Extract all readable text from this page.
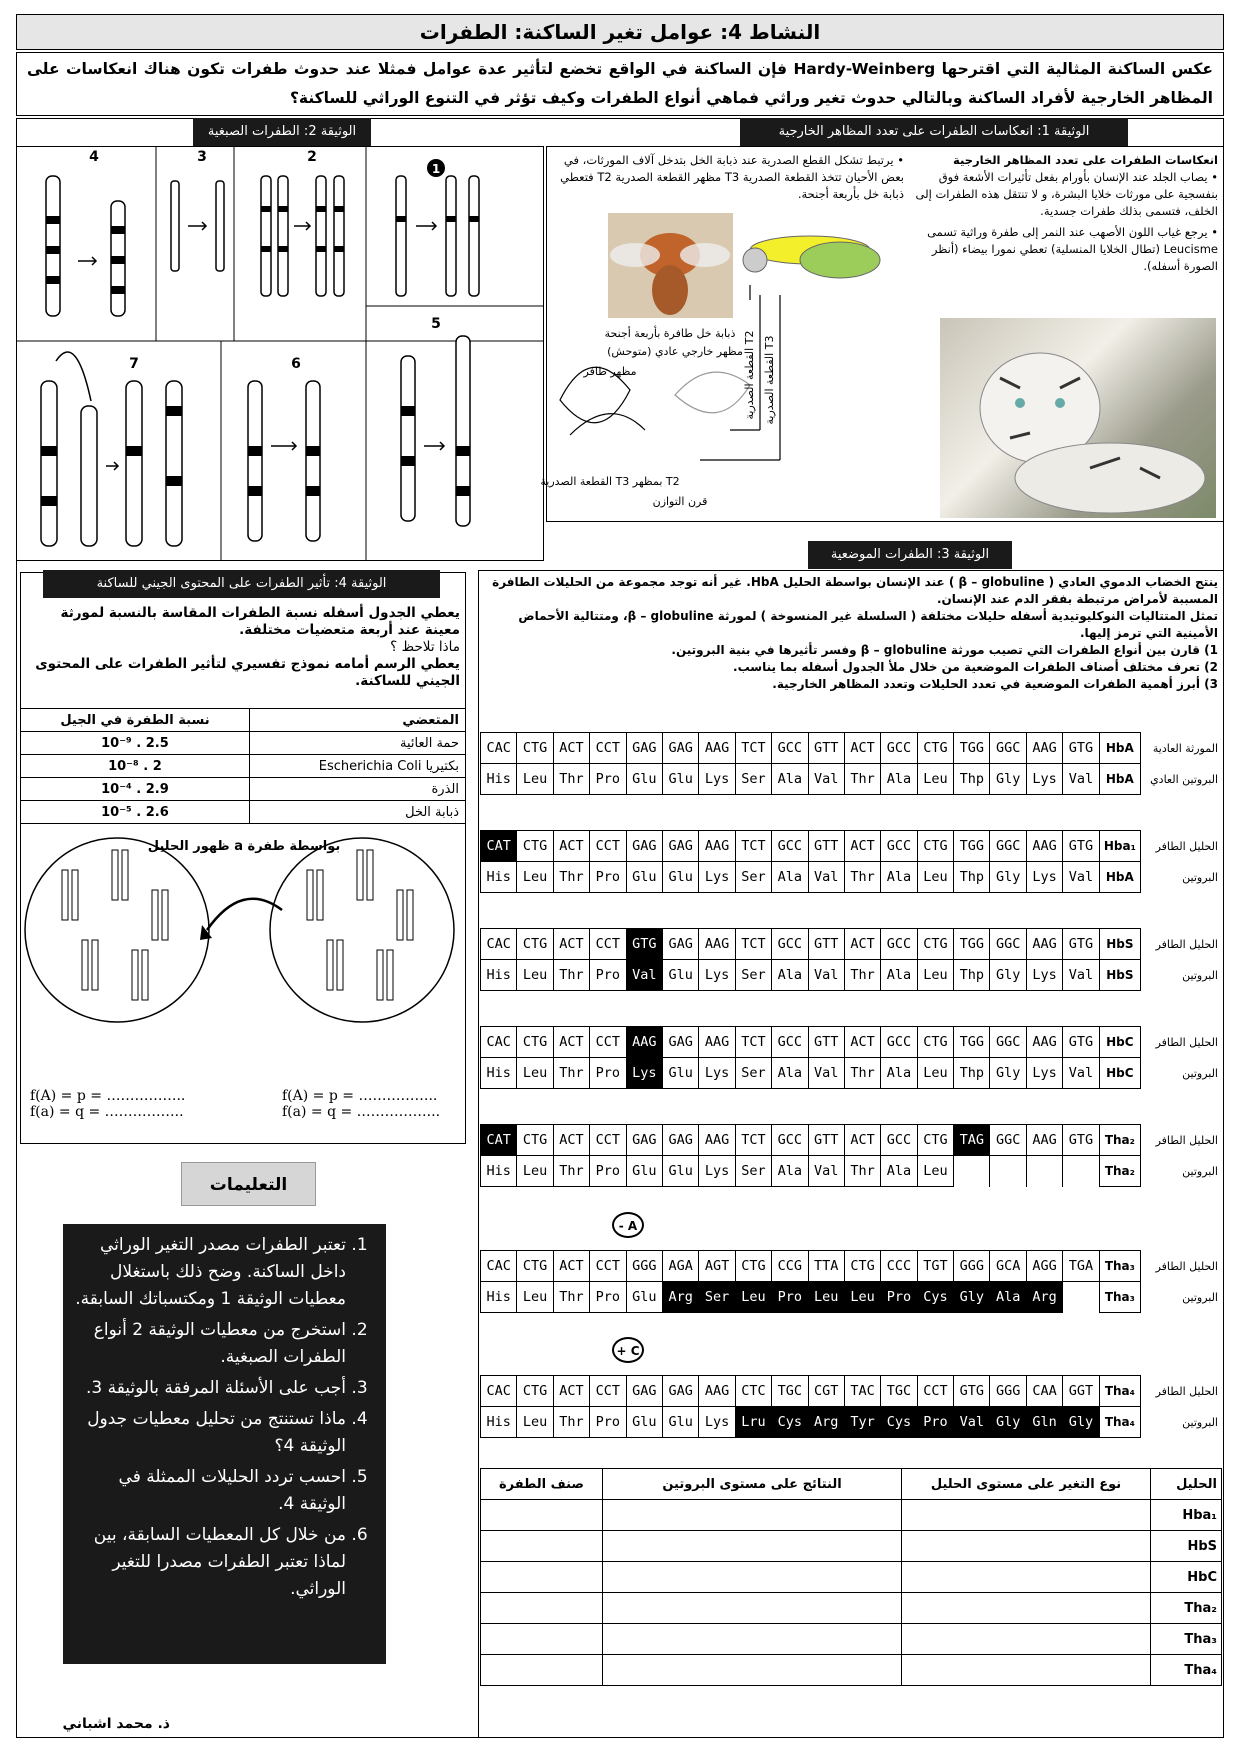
النشاط 4: عوامل تغير الساكنة: الطفرات
عكس الساكنة المثالية التي اقترحها Hardy-Weinberg فإن الساكنة في الواقع تخضع لتأثير عدة عوامل فمثلا عند حدوث طفرات تكون هناك انعكاسات على المظاهر الخارجية لأفراد الساكنة وبالتالي حدوث تغير وراثي فماهي أنواع الطفرات وكيف تؤثر في التنوع الوراثي للساكنة؟
الوثيقة 2: الطفرات الصبغية
1
2
3
4
5
6
7
الوثيقة 1: انعكاسات الطفرات على تعدد المظاهر الخارجية
انعكاسات الطفرات على تعدد المظاهر الخارجية
• يصاب الجلد عند الإنسان بأورام بفعل تأثيرات الأشعة فوق بنفسجية على مورثات خلايا البشرة، و لا تنتقل هذه الطفرات إلى الخلف، فتسمى بذلك طفرات جسدية.
• يرجع غياب اللون الأصهب عند النمر إلى طفرة وراثية تسمى Leucisme (تطال الخلايا المنسلية) تعطي نمورا بيضاء (أنظر الصورة أسفله).
• يرتبط تشكل القطع الصدرية عند ذبابة الخل بتدخل آلاف المورثات، في بعض الأحيان تتخذ القطعة الصدرية T3 مظهر القطعة الصدرية T2 فتعطي ذبابة خل بأربعة أجنحة.
ذبابة خل طافرة بأربعة أجنحة
مظهر طافر
مظهر خارجي عادي (متوحش)
القطعة الصدرية T3 بمظهر T2
قرن التوازن
القطعة الصدرية T3
القطعة الصدرية T2
الوثيقة 4: تأثير الطفرات على المحتوى الجيني للساكنة
يعطي الجدول أسفله نسبة الطفرات المقاسة بالنسبة لمورثة معينة عند أربعة متعضيات مختلفة.
ماذا تلاحظ ؟
يعطي الرسم أمامه نموذج تفسيري لتأثير الطفرات على المحتوى الجيني للساكنة.
المتعضي	نسبة الطفرة في الجيل
حمة العائية	2.5 . 10⁻⁹
بكتيريا Escherichia Coli	2 . 10⁻⁸
الذرة	2.9 . 10⁻⁴
ذبابة الخل	2.6 . 10⁻⁵
ظهور الحليل a بواسطة طفرة
f(A) = p = ……………..
f(a) = q = ……………..
f(A) = p = ……………..
f(a) = q = ……………...
التعليمات
1. تعتبر الطفرات مصدر التغير الوراثي داخل الساكنة. وضح ذلك باستغلال معطيات الوثيقة 1 ومكتسباتك السابقة.
2. استخرج من معطيات الوثيقة 2 أنواع الطفرات الصبغية.
3. أجب على الأسئلة المرفقة بالوثيقة 3.
4. ماذا تستنتج من تحليل معطيات جدول الوثيقة 4؟
5. احسب تردد الحليلات الممثلة في الوثيقة 4.
6. من خلال كل المعطيات السابقة، بين لماذا تعتبر الطفرات مصدرا للتغير الوراثي.
الوثيقة 3: الطفرات الموضعية
ينتج الخضاب الدموي العادي ( β – globuline ) عند الإنسان بواسطة الحليل HbA. غير أنه توجد مجموعة من الحليلات الطافرة المسببة لأمراض مرتبطة بفقر الدم عند الإنسان.
تمثل المتتاليات النوكليوتيدية أسفله حليلات مختلفة ( السلسلة غير المنسوخة ) لمورثة β – globuline، ومتتالية الأحماض الأمينية التي ترمز إليها.
1) قارن بين أنواع الطفرات التي تصيب مورثة β – globuline وفسر تأثيرها في بنية البروتين.
2) تعرف مختلف أصناف الطفرات الموضعية من خلال ملأ الجدول أسفله بما يناسب.
3) أبرز أهمية الطفرات الموضعية في تعدد الحليلات وتعدد المظاهر الخارجية.
CAC	CTG	ACT	CCT	GAG	GAG	AAG	TCT	GCC	GTT	ACT	GCC	CTG	TGG	GGC	AAG	GTG	HbA	المورثة العادية
His	Leu	Thr	Pro	Glu	Glu	Lys	Ser	Ala	Val	Thr	Ala	Leu	Thp	Gly	Lys	Val	HbA	البروتين العادي
CAT	CTG	ACT	CCT	GAG	GAG	AAG	TCT	GCC	GTT	ACT	GCC	CTG	TGG	GGC	AAG	GTG	Hba₁	الحليل الطافر
His	Leu	Thr	Pro	Glu	Glu	Lys	Ser	Ala	Val	Thr	Ala	Leu	Thp	Gly	Lys	Val	HbA	البروتين
CAC	CTG	ACT	CCT	GTG	GAG	AAG	TCT	GCC	GTT	ACT	GCC	CTG	TGG	GGC	AAG	GTG	HbS	الحليل الطافر
His	Leu	Thr	Pro	Val	Glu	Lys	Ser	Ala	Val	Thr	Ala	Leu	Thp	Gly	Lys	Val	HbS	البروتين
CAC	CTG	ACT	CCT	AAG	GAG	AAG	TCT	GCC	GTT	ACT	GCC	CTG	TGG	GGC	AAG	GTG	HbC	الحليل الطافر
His	Leu	Thr	Pro	Lys	Glu	Lys	Ser	Ala	Val	Thr	Ala	Leu	Thp	Gly	Lys	Val	HbC	البروتين
CAT	CTG	ACT	CCT	GAG	GAG	AAG	TCT	GCC	GTT	ACT	GCC	CTG	TAG	GGC	AAG	GTG	Tha₂	الحليل الطافر
His	Leu	Thr	Pro	Glu	Glu	Lys	Ser	Ala	Val	Thr	Ala	Leu					Tha₂	البروتين
- A
CAC	CTG	ACT	CCT	GGG	AGA	AGT	CTG	CCG	TTA	CTG	CCC	TGT	GGG	GCA	AGG	TGA	Tha₃	الحليل الطافر
His	Leu	Thr	Pro	Glu	Arg	Ser	Leu	Pro	Leu	Leu	Pro	Cys	Gly	Ala	Arg		Tha₃	البروتين
+ C
CAC	CTG	ACT	CCT	GAG	GAG	AAG	CTC	TGC	CGT	TAC	TGC	CCT	GTG	GGG	CAA	GGT	Tha₄	الحليل الطافر
His	Leu	Thr	Pro	Glu	Glu	Lys	Lru	Cys	Arg	Tyr	Cys	Pro	Val	Gly	Gln	Gly	Tha₄	البروتين
الحليل	نوع التغير على مستوى الحليل	النتائج على مستوى البروتين	صنف الطفرة
Hba₁			
HbS			
HbC			
Tha₂			
Tha₃			
Tha₄			
ذ. محمد اشباني
